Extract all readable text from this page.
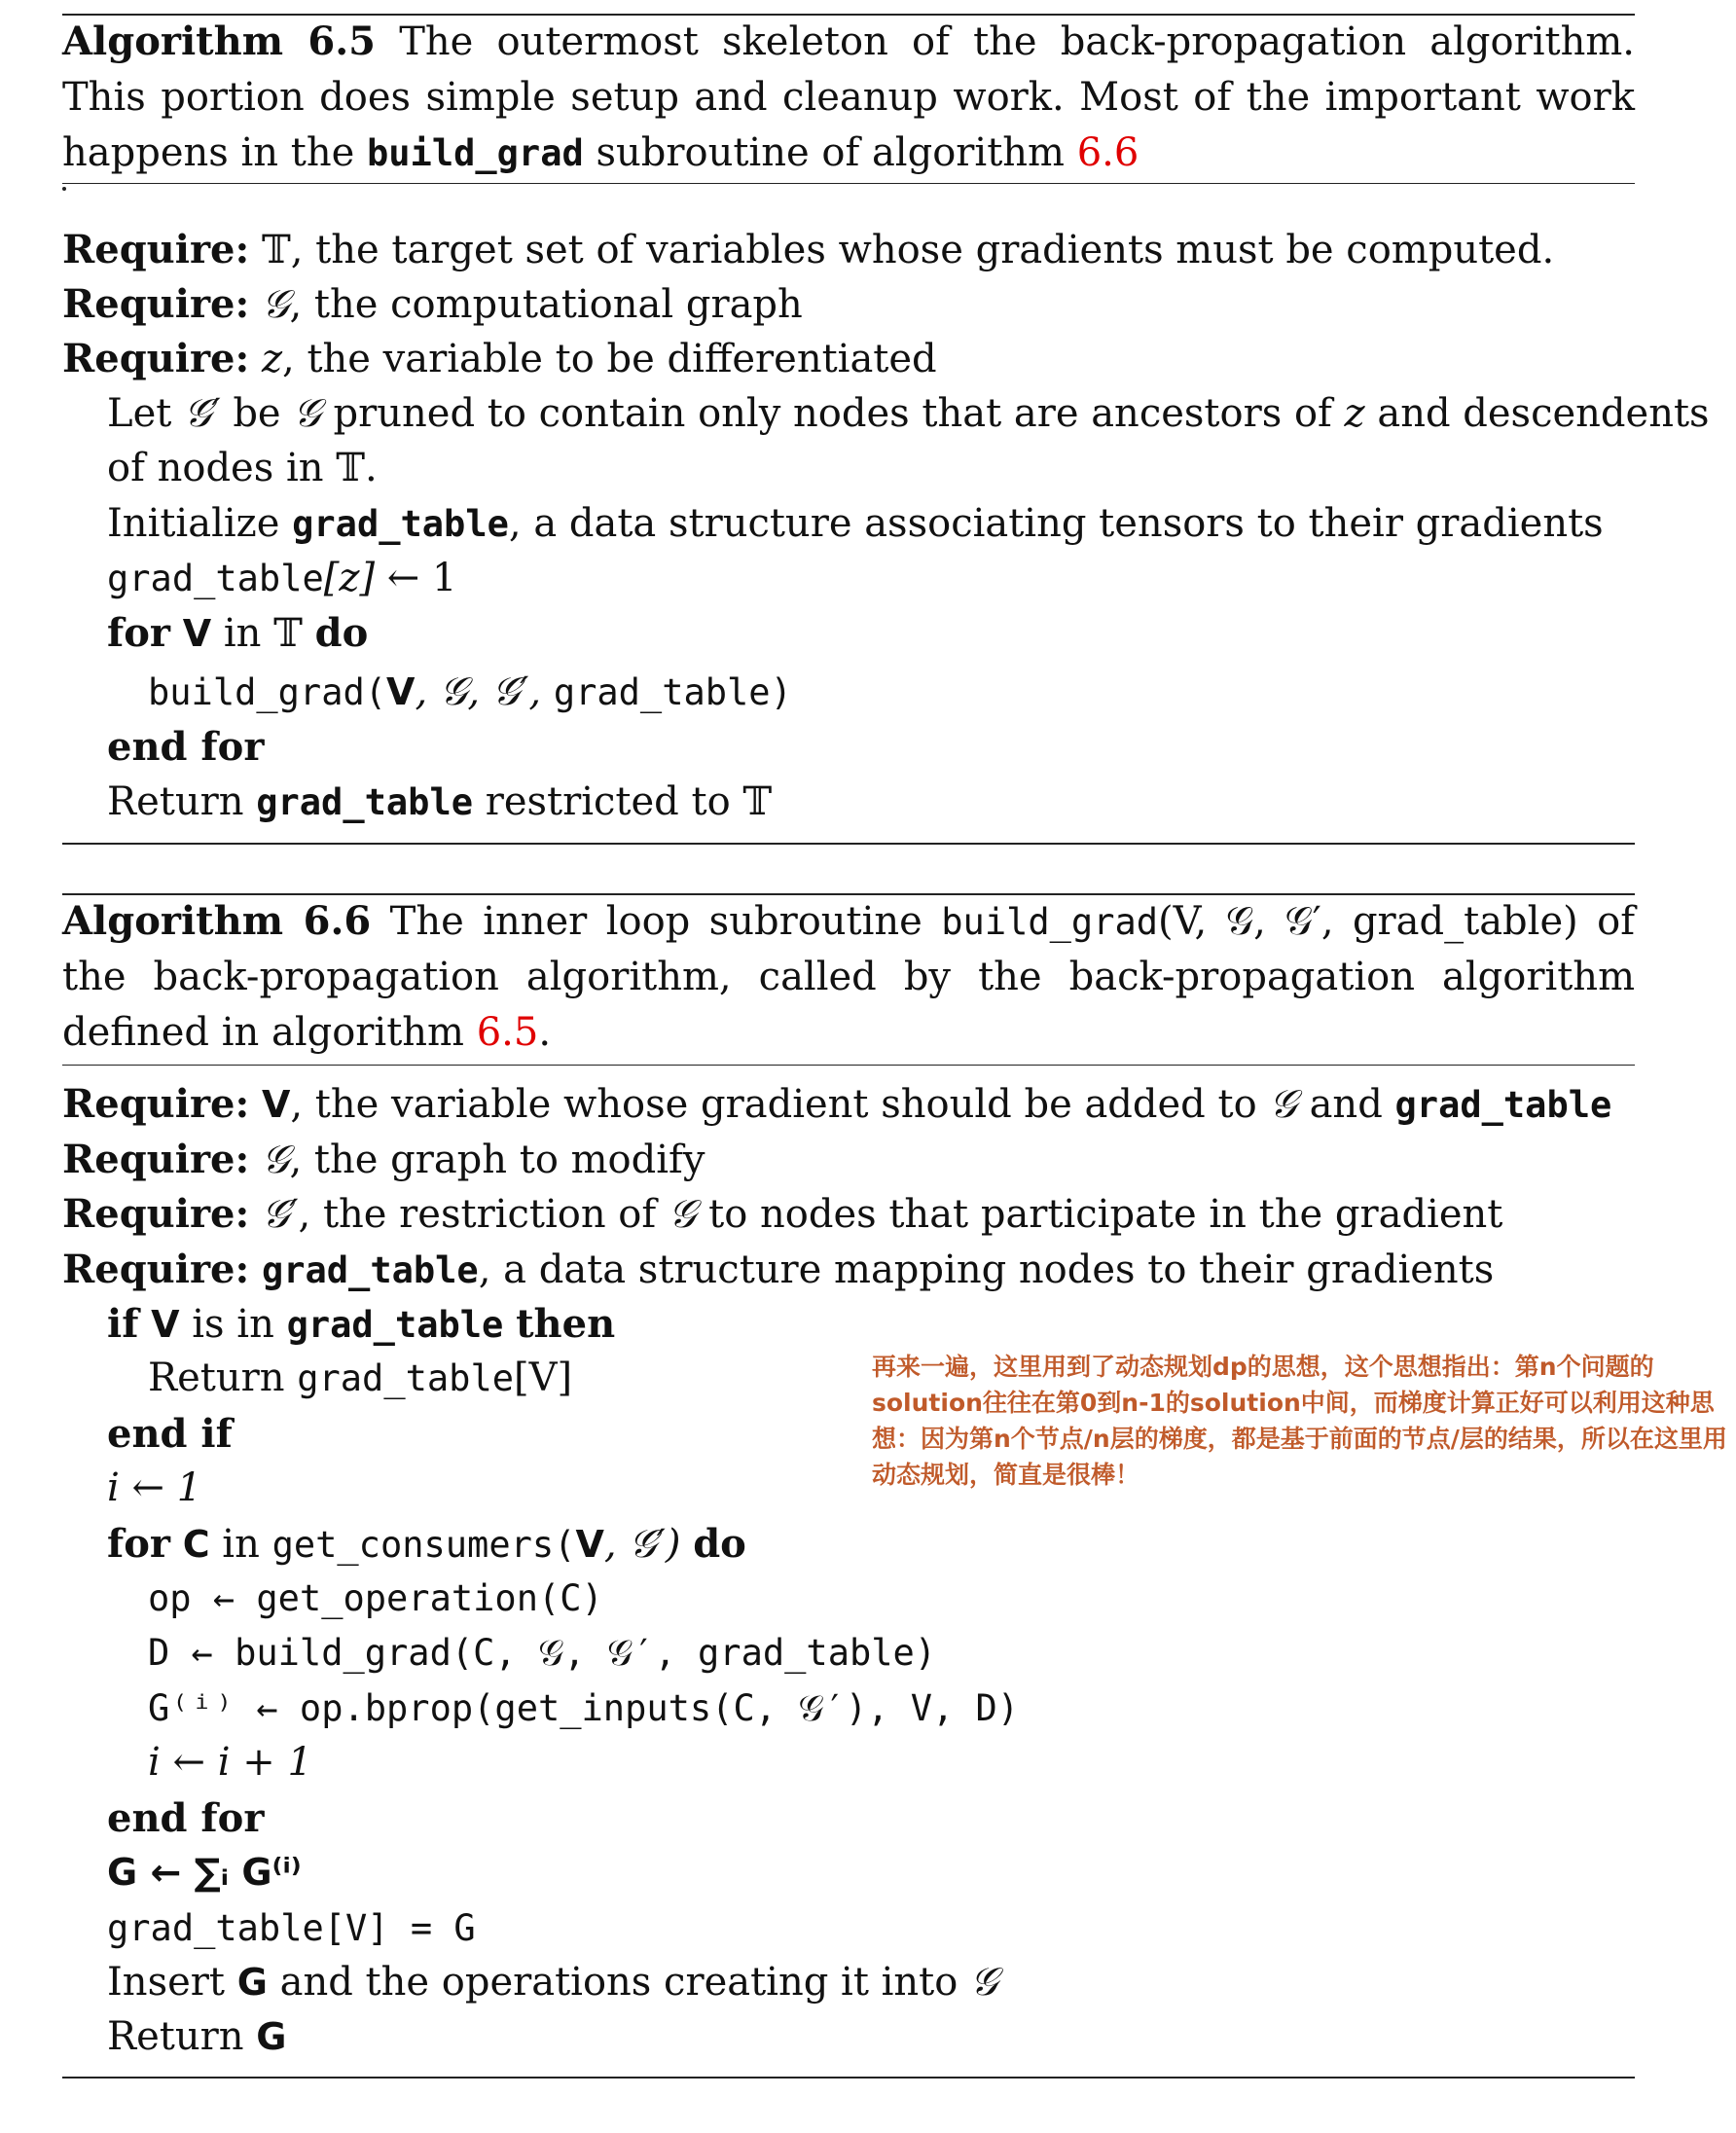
Algorithm 6.5 The outermost skeleton of the back-propagation algorithm. This portion does simple setup and cleanup work. Most of the important work happens in the build_grad subroutine of algorithm 6.6
Require: 𝕋, the target set of variables whose gradients must be computed.
Require: 𝒢, the computational graph
Require: z, the variable to be differentiated
Let 𝒢′ be 𝒢 pruned to contain only nodes that are ancestors of z and descendents
of nodes in 𝕋.
Initialize grad_table, a data structure associating tensors to their gradients
grad_table[z] ← 1
for V in 𝕋 do
build_grad(V, 𝒢, 𝒢′, grad_table)
end for
Return grad_table restricted to 𝕋
Algorithm 6.6 The inner loop subroutine build_grad(V, 𝒢, 𝒢′, grad_table) of the back-propagation algorithm, called by the back-propagation algorithm defined in algorithm 6.5.
Require: V, the variable whose gradient should be added to 𝒢 and grad_table
Require: 𝒢, the graph to modify
Require: 𝒢′, the restriction of 𝒢 to nodes that participate in the gradient
Require: grad_table, a data structure mapping nodes to their gradients
if V is in grad_table then
Return grad_table[V]
end if
i ← 1
for C in get_consumers(V, 𝒢′) do
op ← get_operation(C)
D ← build_grad(C, 𝒢, 𝒢′, grad_table)
G⁽ⁱ⁾ ← op.bprop(get_inputs(C, 𝒢′), V, D)
i ← i + 1
end for
G ← ∑ᵢ G⁽ⁱ⁾
grad_table[V] = G
Insert G and the operations creating it into 𝒢
Return G
再来一遍，这里用到了动态规划dp的思想，这个思想指出：第n个问题的solution往往在第0到n-1的solution中间，而梯度计算正好可以利用这种思想：因为第n个节点/n层的梯度，都是基于前面的节点/层的结果，所以在这里用动态规划，简直是很棒！
